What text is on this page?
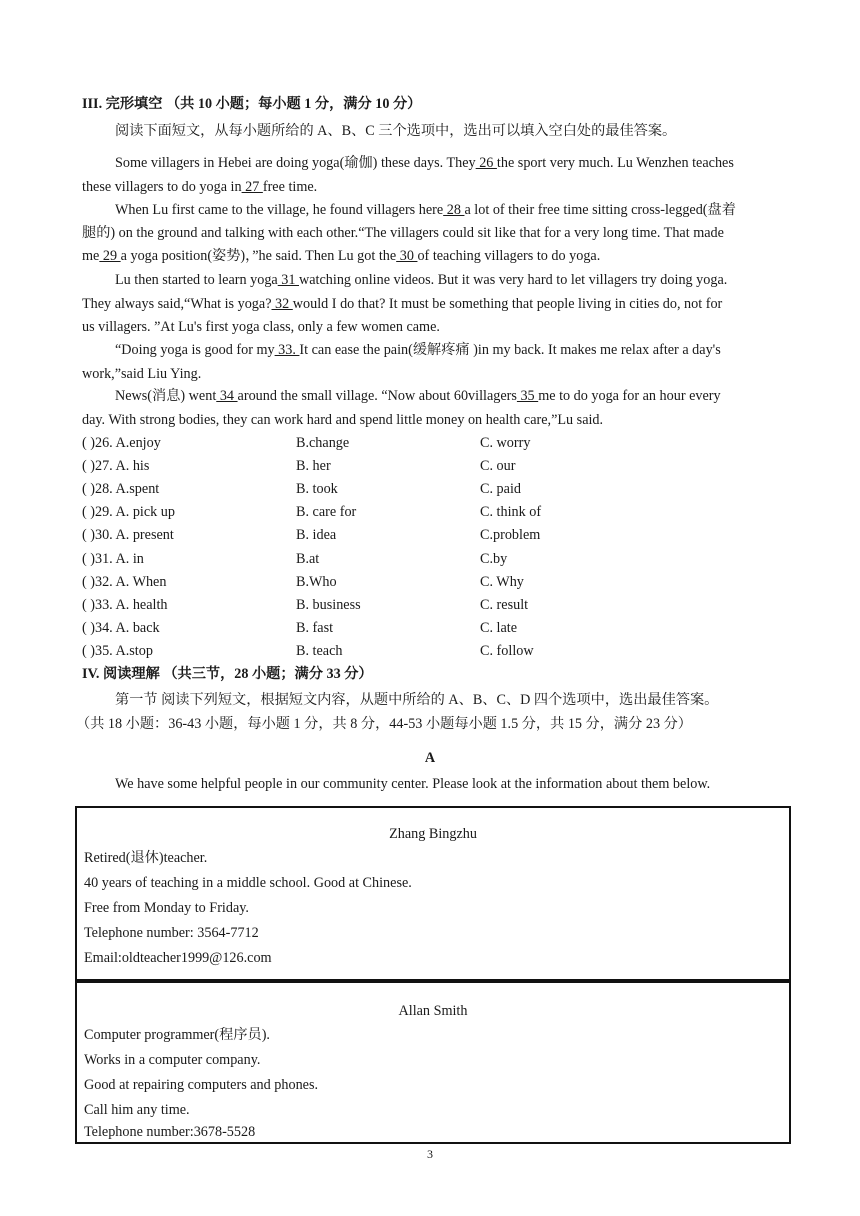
III. 完形填空 （共 10 小题；每小题 1 分，满分 10 分）
阅读下面短文，从每小题所给的 A、B、C 三个选项中，选出可以填入空白处的最佳答案。
Some villagers in Hebei are doing yoga(瑜伽) these days. They 26 the sport very much. Lu Wenzhen teaches
these villagers to do yoga in 27 free time.
When Lu first came to the village, he found villagers here 28 a lot of their free time sitting cross-legged(盘着
腿的) on the ground and talking with each other.“The villagers could sit like that for a very long time. That made
me 29 a yoga position(姿势)，”he said. Then Lu got the 30 of teaching villagers to do yoga.
Lu then started to learn yoga 31 watching online videos. But it was very hard to let villagers try doing yoga.
They always said,“What is yoga? 32 would I do that? It must be something that people living in cities do, not for
us villagers. ”At Lu's first yoga class, only a few women came.
“Doing yoga is good for my 33. It can ease the pain(缓解疼痛 )in my back. It makes me relax after a day's
work,”said Liu Ying.
News(消息) went 34 around the small village. “Now about 60villagers 35 me to do yoga for an hour every
day. With strong bodies, they can work hard and spend little money on health care,”Lu said.
( )26. A.enjoy	B.change	C. worry
( )27. A. his	B. her	C. our
( )28. A.spent	B. took	C. paid
( )29. A. pick up	B. care for	C. think of
( )30. A. present	B. idea	C.problem
( )31. A. in	B.at	C.by
( )32. A. When	B.Who	C. Why
( )33. A. health	B. business	C. result
( )34. A. back	B. fast	C. late
( )35. A.stop	B. teach	C. follow
IV. 阅读理解 （共三节，28 小题；满分 33 分）
第一节 阅读下列短文，根据短文内容，从题中所给的 A、B、C、D 四个选项中，选出最佳答案。
（共 18 小题：36-43 小题，每小题 1 分，共 8 分，44-53 小题每小题 1.5 分，共 15 分，满分 23 分）
A
We have some helpful people in our community center. Please look at the information about them below.
Zhang Bingzhu
Retired(退休)teacher.
40 years of teaching in a middle school. Good at Chinese.
Free from Monday to Friday.
Telephone number: 3564-7712
Email:oldteacher1999@126.com
Allan Smith
Computer programmer(程序员).
Works in a computer company.
Good at repairing computers and phones.
Call him any time.
Telephone number:3678-5528
3
